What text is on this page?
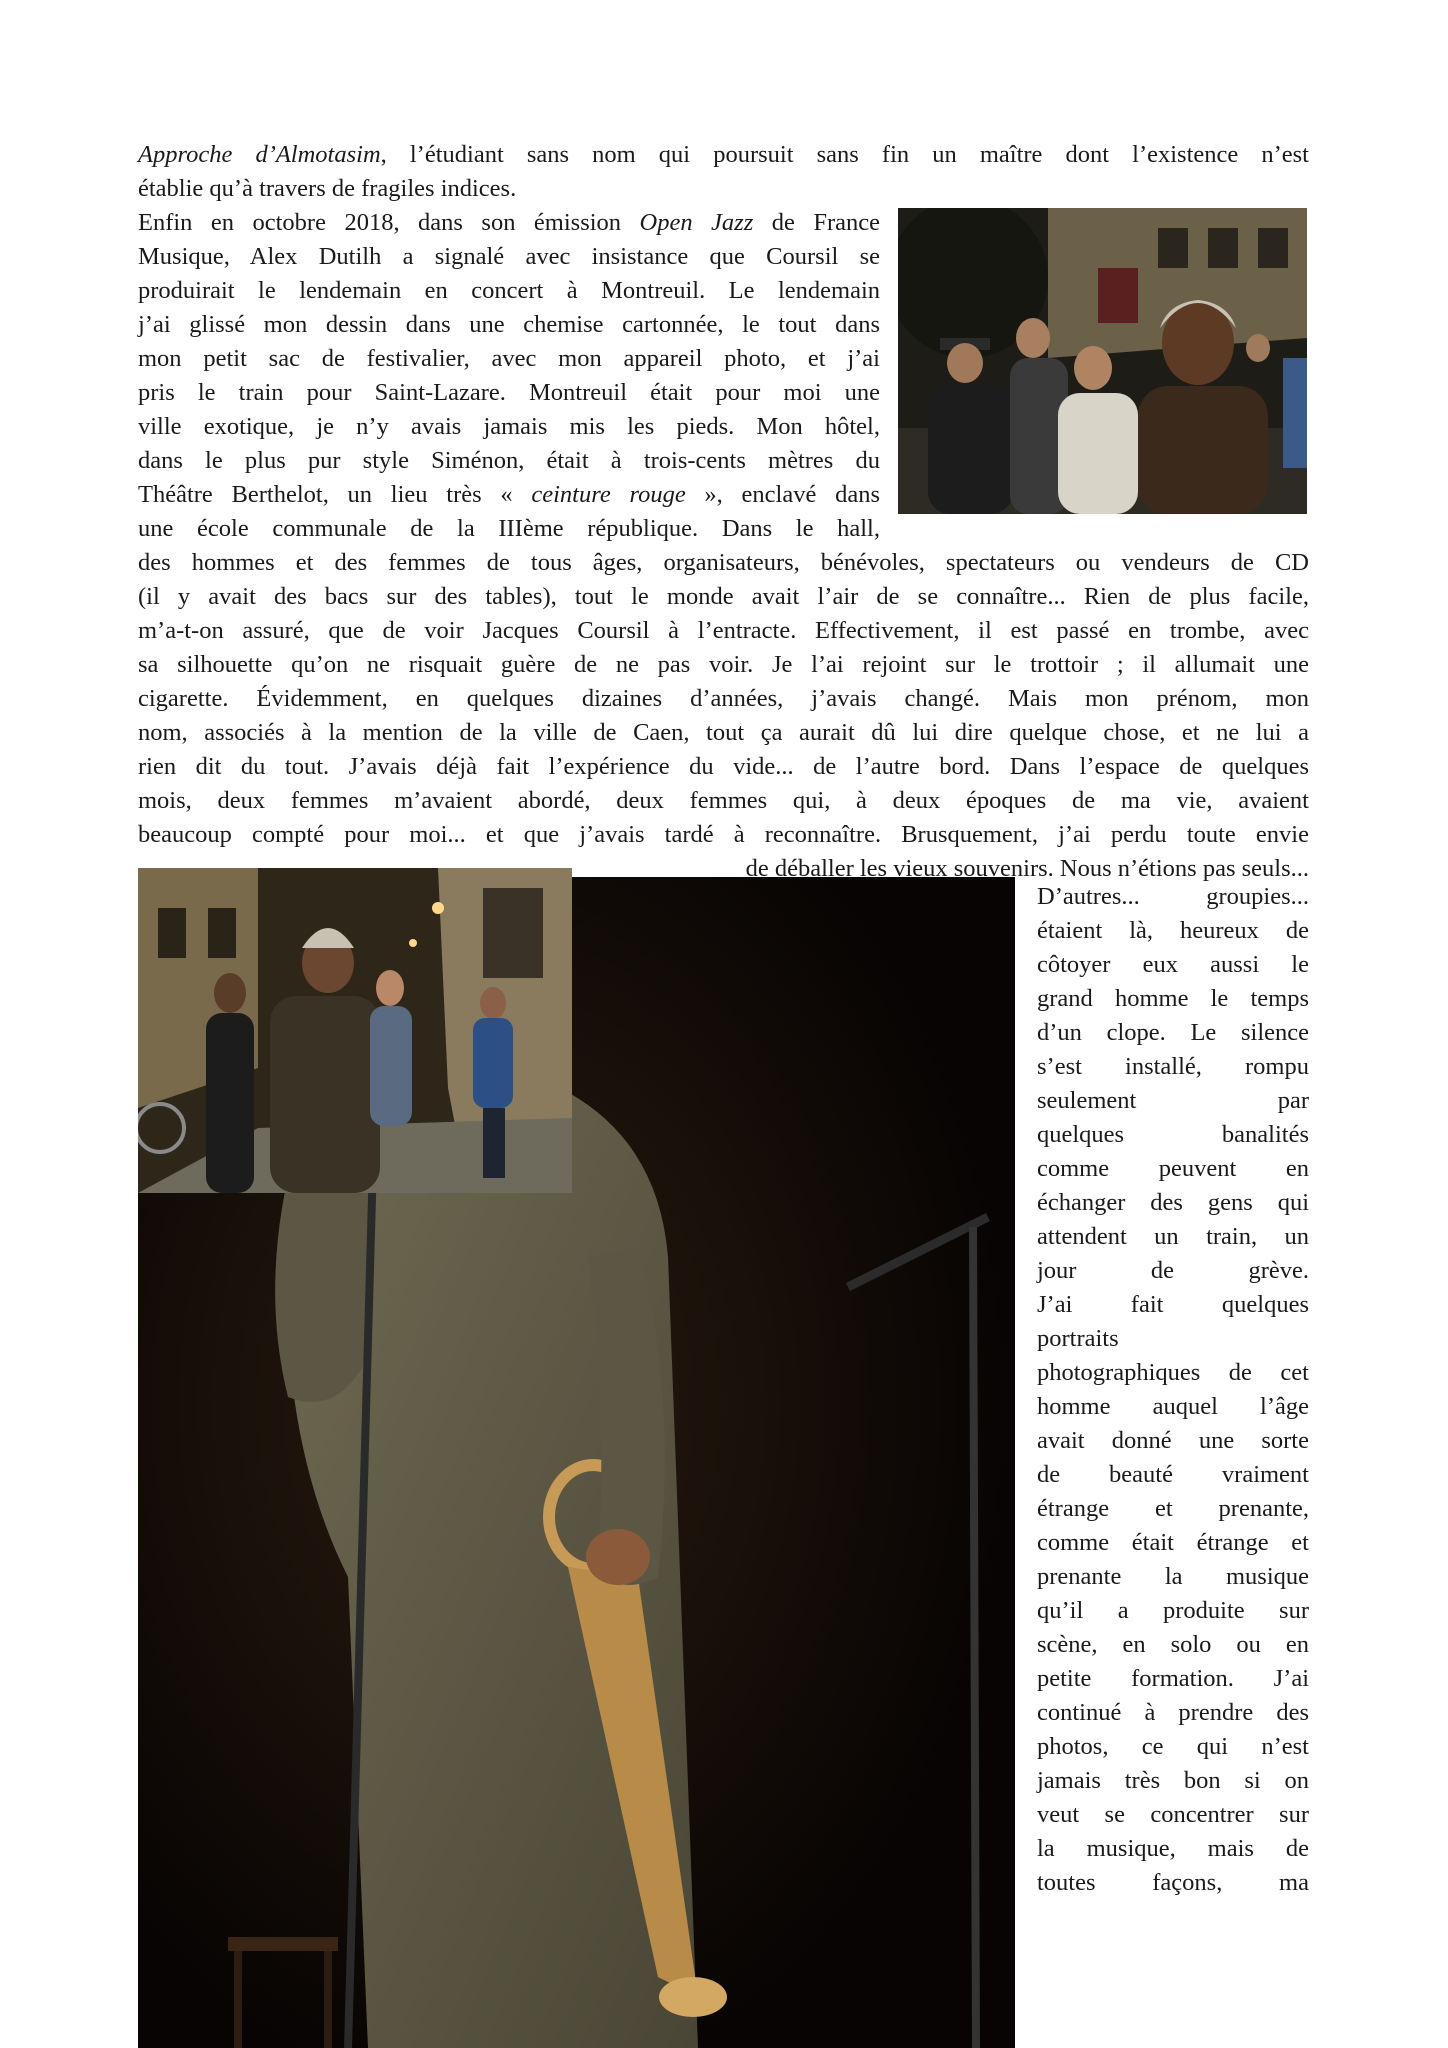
Approche d’Almotasim, l’étudiant sans nom qui poursuit sans fin un maître dont l’existence n’est
établie qu’à travers de fragiles indices.
Enfin en octobre 2018, dans son émission Open Jazz de France
Musique, Alex Dutilh a signalé avec insistance que Coursil se
produirait le lendemain en concert à Montreuil. Le lendemain
j’ai glissé mon dessin dans une chemise cartonnée, le tout dans
mon petit sac de festivalier, avec mon appareil photo, et j’ai
pris le train pour Saint-Lazare. Montreuil était pour moi une
ville exotique, je n’y avais jamais mis les pieds. Mon hôtel,
dans le plus pur style Siménon, était à trois-cents mètres du
Théâtre Berthelot, un lieu très « ceinture rouge », enclavé dans
une école communale de la IIIème république. Dans le hall,
des hommes et des femmes de tous âges, organisateurs, bénévoles, spectateurs ou vendeurs de CD
(il y avait des bacs sur des tables), tout le monde avait l’air de se connaître... Rien de plus facile,
m’a-t-on assuré, que de voir Jacques Coursil à l’entracte. Effectivement, il est passé en trombe, avec
sa silhouette qu’on ne risquait guère de ne pas voir. Je l’ai rejoint sur le trottoir ; il allumait une
cigarette. Évidemment, en quelques dizaines d’années, j’avais changé. Mais mon prénom, mon
nom, associés à la mention de la ville de Caen, tout ça aurait dû lui dire quelque chose, et ne lui a
rien dit du tout. J’avais déjà fait l’expérience du vide... de l’autre bord. Dans l’espace de quelques
mois, deux femmes m’avaient abordé, deux femmes qui, à deux époques de ma vie, avaient
beaucoup compté pour moi... et que j’avais tardé à reconnaître. Brusquement, j’ai perdu toute envie
de déballer les vieux souvenirs. Nous n’étions pas seuls...
D’autres... groupies...
étaient là, heureux de
côtoyer eux aussi le
grand homme le temps
d’un clope. Le silence
s’est installé, rompu
seulement par
quelques banalités
comme peuvent en
échanger des gens qui
attendent un train, un
jour de grève.
J’ai fait quelques
portraits
photographiques de cet
homme auquel l’âge
avait donné une sorte
de beauté vraiment
étrange et prenante,
comme était étrange et
prenante la musique
qu’il a produite sur
scène, en solo ou en
petite formation. J’ai
continué à prendre des
photos, ce qui n’est
jamais très bon si on
veut se concentrer sur
la musique, mais de
toutes façons, ma
